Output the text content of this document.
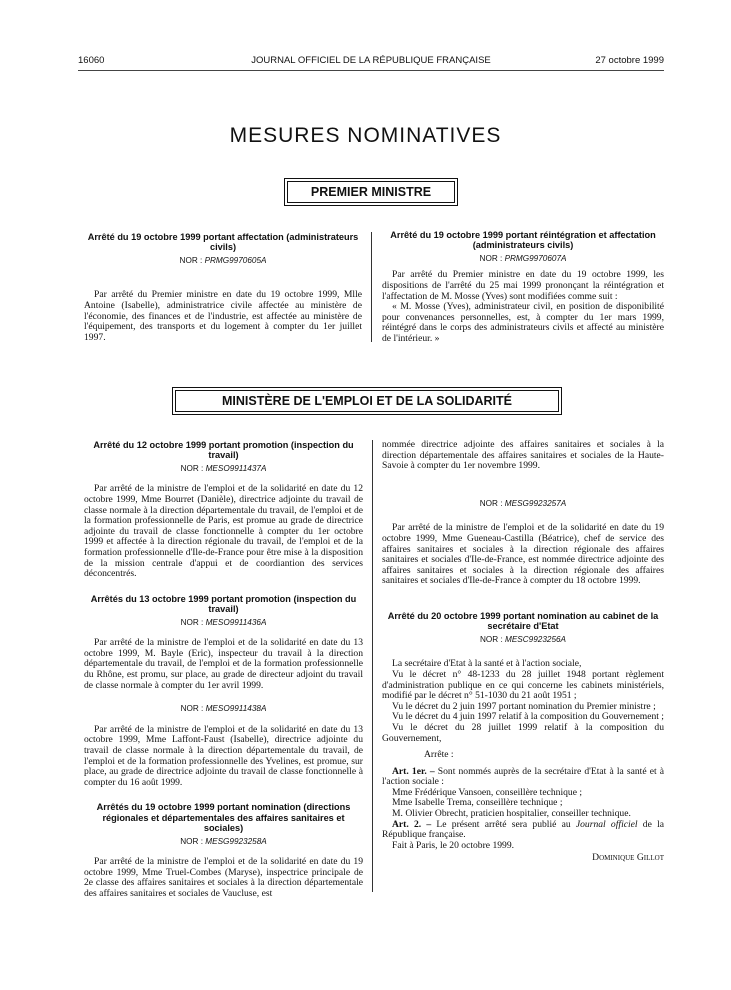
16060	JOURNAL OFFICIEL DE LA RÉPUBLIQUE FRANÇAISE	27 octobre 1999
MESURES NOMINATIVES
PREMIER MINISTRE
Arrêté du 19 octobre 1999 portant affectation (administrateurs civils)
NOR : PRMG9970605A

Par arrêté du Premier ministre en date du 19 octobre 1999, Mlle Antoine (Isabelle), administratrice civile affectée au ministère de l'économie, des finances et de l'industrie, est affectée au ministère de l'équipement, des transports et du logement à compter du 1er juillet 1997.

Arrêté du 19 octobre 1999 portant réintégration et affectation (administrateurs civils)
NOR : PRMG9970607A

Par arrêté du Premier ministre en date du 19 octobre 1999, les dispositions de l'arrêté du 25 mai 1999 prononçant la réintégration et l'affectation de M. Mosse (Yves) sont modifiées comme suit :

« M. Mosse (Yves), administrateur civil, en position de disponibilité pour convenances personnelles, est, à compter du 1er mars 1999, réintégré dans le corps des administrateurs civils et affecté au ministère de l'intérieur. »

MINISTÈRE DE L'EMPLOI ET DE LA SOLIDARITÉ
Arrêté du 12 octobre 1999 portant promotion (inspection du travail)
NOR : MESO9911437A

Par arrêté de la ministre de l'emploi et de la solidarité en date du 12 octobre 1999, Mme Bourret (Danièle), directrice adjointe du travail de classe normale à la direction départementale du travail, de l'emploi et de la formation professionnelle de Paris, est promue au grade de directrice adjointe du travail de classe fonctionnelle à compter du 1er octobre 1999 et affectée à la direction régionale du travail, de l'emploi et de la formation professionnelle d'Ile-de-France pour être mise à la disposition de la mission centrale d'appui et de coordiantion des services déconcentrés.

Arrêtés du 13 octobre 1999 portant promotion (inspection du travail)
NOR : MESO9911436A

Par arrêté de la ministre de l'emploi et de la solidarité en date du 13 octobre 1999, M. Bayle (Eric), inspecteur du travail à la direction départementale du travail, de l'emploi et de la formation professionnelle du Rhône, est promu, sur place, au grade de directeur adjoint du travail de classe normale à compter du 1er avril 1999.

NOR : MESO9911438A

Par arrêté de la ministre de l'emploi et de la solidarité en date du 13 octobre 1999, Mme Laffont-Faust (Isabelle), directrice adjointe du travail de classe normale à la direction départementale du travail, de l'emploi et de la formation professionnelle des Yvelines, est promue, sur place, au grade de directrice adjointe du travail de classe fonctionnelle à compter du 16 août 1999.

Arrêtés du 19 octobre 1999 portant nomination (directions régionales et départementales des affaires sanitaires et sociales)
NOR : MESG9923258A

Par arrêté de la ministre de l'emploi et de la solidarité en date du 19 octobre 1999, Mme Truel-Combes (Maryse), inspectrice principale de 2e classe des affaires sanitaires et sociales à la direction départementale des affaires sanitaires et sociales de Vaucluse, est

nommée directrice adjointe des affaires sanitaires et sociales à la direction départementale des affaires sanitaires et sociales de la Haute-Savoie à compter du 1er novembre 1999.

NOR : MESG9923257A

Par arrêté de la ministre de l'emploi et de la solidarité en date du 19 octobre 1999, Mme Gueneau-Castilla (Béatrice), chef de service des affaires sanitaires et sociales à la direction régionale des affaires sanitaires et sociales d'Ile-de-France, est nommée directrice adjointe des affaires sanitaires et sociales à la direction régionale des affaires sanitaires et sociales d'Ile-de-France à compter du 18 octobre 1999.

Arrêté du 20 octobre 1999 portant nomination au cabinet de la secrétaire d'Etat
NOR : MESC9923256A

La secrétaire d'Etat à la santé et à l'action sociale,

Vu le décret n° 48-1233 du 28 juillet 1948 portant règlement d'administration publique en ce qui concerne les cabinets ministériels, modifié par le décret n° 51-1030 du 21 août 1951 ;

Vu le décret du 2 juin 1997 portant nomination du Premier ministre ;

Vu le décret du 4 juin 1997 relatif à la composition du Gouvernement ;

Vu le décret du 28 juillet 1999 relatif à la composition du Gouvernement,

Arrête :

Art. 1er. – Sont nommés auprès de la secrétaire d'Etat à la santé et à l'action sociale :

Mme Frédérique Vansoen, conseillère technique ;

Mme Isabelle Trema, conseillère technique ;

M. Olivier Obrecht, praticien hospitalier, conseiller technique.

Art. 2. – Le présent arrêté sera publié au Journal officiel de la République française.

Fait à Paris, le 20 octobre 1999.

Dominique Gillot
